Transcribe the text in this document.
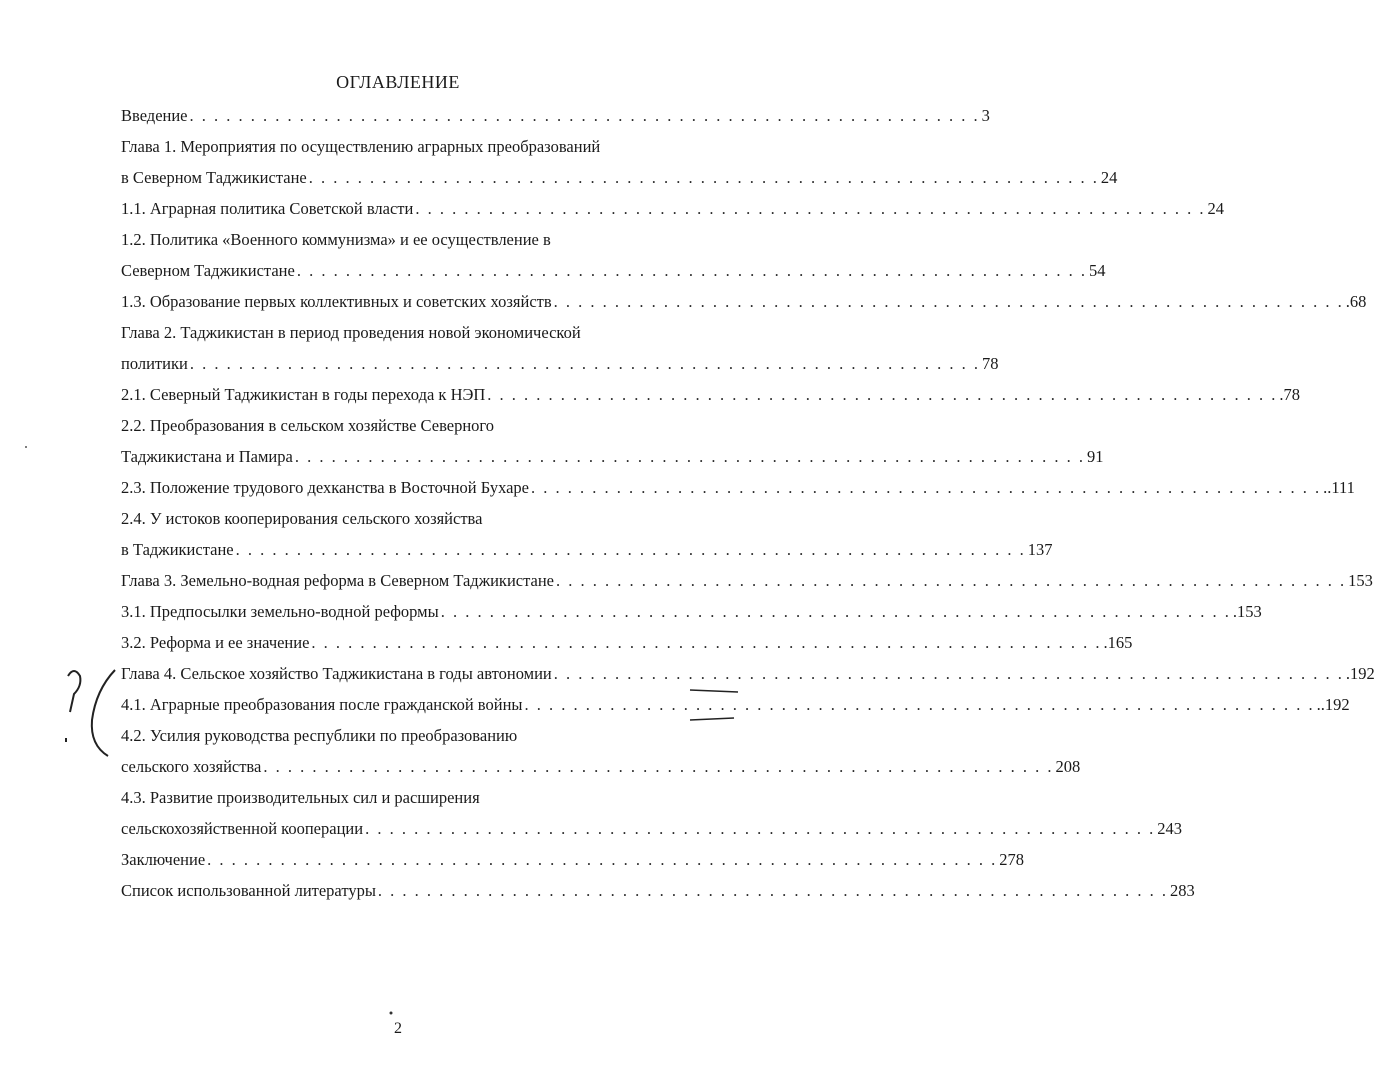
ОГЛАВЛЕНИЕ
Введение . . . . . . . . . . . . . . . . . . . . . . . . . . . . . . . . . . . . . . . . . . . . . . . . . . . . . . . . . . . . . . . . . 3
Глава 1. Мероприятия по осуществлению аграрных преобразований
в Северном Таджикистане . . . . . . . . . . . . . . . . . . . . . . . . . . . . . . . . . . . . . . . . . . . . . . . . . . . . . . . . . . . . . . . . . 24
1.1. Аграрная политика Советской власти . . . . . . . . . . . . . . . . . . . . . . . . . . . . . . . . . . . . . . . . . . . . . . . . . . . . . . . . . . . . . . . . . 24
1.2. Политика «Военного коммунизма» и ее осуществление в
Северном Таджикистане . . . . . . . . . . . . . . . . . . . . . . . . . . . . . . . . . . . . . . . . . . . . . . . . . . . . . . . . . . . . . . . . . 54
1.3. Образование первых коллективных и советских хозяйств . . . . . . . . . . . . . . . . . . . . . . . . . . . . . . . . . . . . . . . . . . . . . . . . . . . . . . . . . . . . . . . . . .68
Глава 2. Таджикистан в период проведения новой экономической
политики . . . . . . . . . . . . . . . . . . . . . . . . . . . . . . . . . . . . . . . . . . . . . . . . . . . . . . . . . . . . . . . . . 78
2.1. Северный Таджикистан в годы перехода к НЭП . . . . . . . . . . . . . . . . . . . . . . . . . . . . . . . . . . . . . . . . . . . . . . . . . . . . . . . . . . . . . . . . . .78
2.2. Преобразования в сельском хозяйстве Северного
Таджикистана и Памира . . . . . . . . . . . . . . . . . . . . . . . . . . . . . . . . . . . . . . . . . . . . . . . . . . . . . . . . . . . . . . . . . 91
2.3. Положение трудового дехканства в Восточной Бухаре . . . . . . . . . . . . . . . . . . . . . . . . . . . . . . . . . . . . . . . . . . . . . . . . . . . . . . . . . . . . . . . . . ..111
2.4. У истоков кооперирования сельского хозяйства
в Таджикистане . . . . . . . . . . . . . . . . . . . . . . . . . . . . . . . . . . . . . . . . . . . . . . . . . . . . . . . . . . . . . . . . . 137
Глава 3. Земельно-водная реформа в Северном Таджикистане . . . . . . . . . . . . . . . . . . . . . . . . . . . . . . . . . . . . . . . . . . . . . . . . . . . . . . . . . . . . . . . . . 153
3.1. Предпосылки земельно-водной реформы . . . . . . . . . . . . . . . . . . . . . . . . . . . . . . . . . . . . . . . . . . . . . . . . . . . . . . . . . . . . . . . . . .153
3.2. Реформа и ее значение . . . . . . . . . . . . . . . . . . . . . . . . . . . . . . . . . . . . . . . . . . . . . . . . . . . . . . . . . . . . . . . . . .165
Глава 4. Сельское хозяйство Таджикистана в годы автономии . . . . . . . . . . . . . . . . . . . . . . . . . . . . . . . . . . . . . . . . . . . . . . . . . . . . . . . . . . . . . . . . . .192
4.1. Аграрные преобразования после гражданской войны . . . . . . . . . . . . . . . . . . . . . . . . . . . . . . . . . . . . . . . . . . . . . . . . . . . . . . . . . . . . . . . . . ..192
4.2. Усилия руководства республики по преобразованию
сельского хозяйства . . . . . . . . . . . . . . . . . . . . . . . . . . . . . . . . . . . . . . . . . . . . . . . . . . . . . . . . . . . . . . . . . 208
4.3. Развитие производительных сил и расширения
сельскохозяйственной кооперации . . . . . . . . . . . . . . . . . . . . . . . . . . . . . . . . . . . . . . . . . . . . . . . . . . . . . . . . . . . . . . . . . 243
Заключение . . . . . . . . . . . . . . . . . . . . . . . . . . . . . . . . . . . . . . . . . . . . . . . . . . . . . . . . . . . . . . . . . 278
Список использованной литературы . . . . . . . . . . . . . . . . . . . . . . . . . . . . . . . . . . . . . . . . . . . . . . . . . . . . . . . . . . . . . . . . . 283
2
